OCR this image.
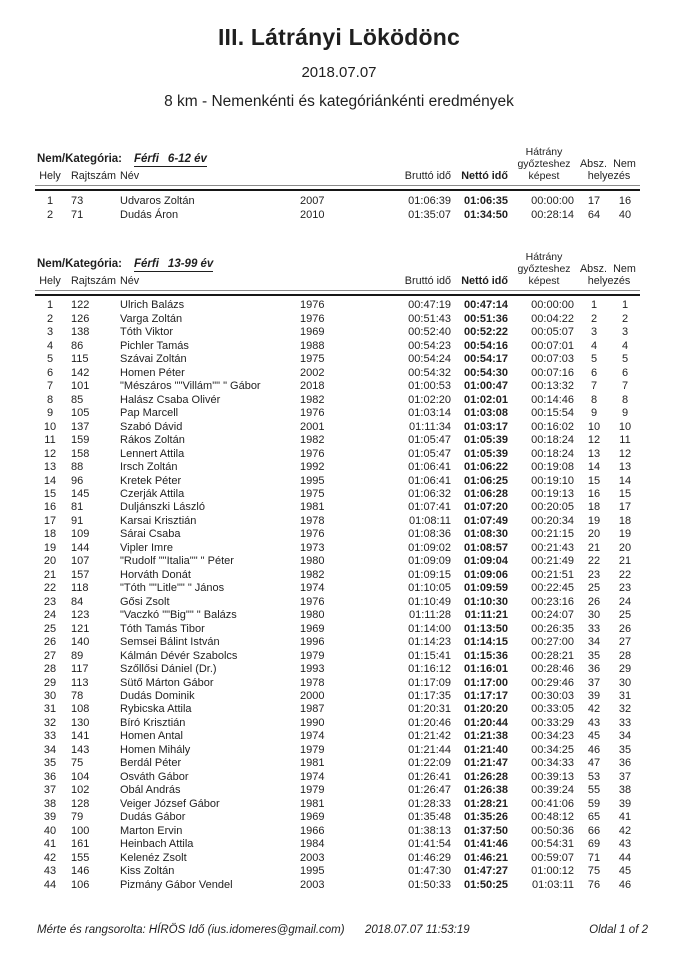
III. Látrányi Löködönc
2018.07.07
8 km - Nemenkénti és kategóriánkénti eredmények
Nem/Kategória: Férfi 6-12 év
Hely	Rajtszám	Név		Bruttó idő	Nettó idő	Hátrány
győzteshez
képest	
Absz. Nem
helyezés

1	73	Udvaros Zoltán	2007	01:06:39	01:06:35	00:00:00	17	16
2	71	Dudás Áron	2010	01:35:07	01:34:50	00:28:14	64	40
Nem/Kategória: Férfi 13-99 év
Hely	Rajtszám	Név		Bruttó idő	Nettó idő	Hátrány
győzteshez
képest	
Absz. Nem
helyezés

1	122	Ulrich Balázs	1976	00:47:19	00:47:14	00:00:00	1	1
2	126	Varga Zoltán	1976	00:51:43	00:51:36	00:04:22	2	2
3	138	Tóth Viktor	1969	00:52:40	00:52:22	00:05:07	3	3
4	86	Pichler Tamás	1988	00:54:23	00:54:16	00:07:01	4	4
5	115	Szávai Zoltán	1975	00:54:24	00:54:17	00:07:03	5	5
6	142	Homen Péter	2002	00:54:32	00:54:30	00:07:16	6	6
7	101	"Mészáros ""Villám"" " Gábor	2018	01:00:53	01:00:47	00:13:32	7	7
8	85	Halász Csaba Olivér	1982	01:02:20	01:02:01	00:14:46	8	8
9	105	Pap Marcell	1976	01:03:14	01:03:08	00:15:54	9	9
10	137	Szabó Dávid	2001	01:11:34	01:03:17	00:16:02	10	10
11	159	Rákos Zoltán	1982	01:05:47	01:05:39	00:18:24	12	11
12	158	Lennert Attila	1976	01:05:47	01:05:39	00:18:24	13	12
13	88	Irsch Zoltán	1992	01:06:41	01:06:22	00:19:08	14	13
14	96	Kretek Péter	1995	01:06:41	01:06:25	00:19:10	15	14
15	145	Czerják Attila	1975	01:06:32	01:06:28	00:19:13	16	15
16	81	Duljánszki László	1981	01:07:41	01:07:20	00:20:05	18	17
17	91	Karsai Krisztián	1978	01:08:11	01:07:49	00:20:34	19	18
18	109	Sárai Csaba	1976	01:08:36	01:08:30	00:21:15	20	19
19	144	Vipler Imre	1973	01:09:02	01:08:57	00:21:43	21	20
20	107	"Rudolf ""Italia"" " Péter	1980	01:09:09	01:09:04	00:21:49	22	21
21	157	Horváth Donát	1982	01:09:15	01:09:06	00:21:51	23	22
22	118	"Tóth ""Litle"" " János	1974	01:10:05	01:09:59	00:22:45	25	23
23	84	Gősi Zsolt	1976	01:10:49	01:10:30	00:23:16	26	24
24	123	"Vaczkó ""Big"" " Balázs	1980	01:11:28	01:11:21	00:24:07	30	25
25	121	Tóth Tamás Tibor	1969	01:14:00	01:13:50	00:26:35	33	26
26	140	Semsei Bálint István	1996	01:14:23	01:14:15	00:27:00	34	27
27	89	Kálmán Dévér Szabolcs	1979	01:15:41	01:15:36	00:28:21	35	28
28	117	Szőllősi Dániel (Dr.)	1993	01:16:12	01:16:01	00:28:46	36	29
29	113	Sütő Márton Gábor	1978	01:17:09	01:17:00	00:29:46	37	30
30	78	Dudás Dominik	2000	01:17:35	01:17:17	00:30:03	39	31
31	108	Rybicska Attila	1987	01:20:31	01:20:20	00:33:05	42	32
32	130	Bíró Krisztián	1990	01:20:46	01:20:44	00:33:29	43	33
33	141	Homen Antal	1974	01:21:42	01:21:38	00:34:23	45	34
34	143	Homen Mihály	1979	01:21:44	01:21:40	00:34:25	46	35
35	75	Berdál Péter	1981	01:22:09	01:21:47	00:34:33	47	36
36	104	Osváth Gábor	1974	01:26:41	01:26:28	00:39:13	53	37
37	102	Obál András	1979	01:26:47	01:26:38	00:39:24	55	38
38	128	Veiger József Gábor	1981	01:28:33	01:28:21	00:41:06	59	39
39	79	Dudás Gábor	1969	01:35:48	01:35:26	00:48:12	65	41
40	100	Marton Ervin	1966	01:38:13	01:37:50	00:50:36	66	42
41	161	Heinbach Attila	1984	01:41:54	01:41:46	00:54:31	69	43
42	155	Kelenéz Zsolt	2003	01:46:29	01:46:21	00:59:07	71	44
43	146	Kiss Zoltán	1995	01:47:30	01:47:27	01:00:12	75	45
44	106	Pizmány Gábor Vendel	2003	01:50:33	01:50:25	01:03:11	76	46
Mérte és rangsorolta: HÍRÖS Idő (ius.idomeres@gmail.com) 2018.07.07 11:53:19	Oldal 1 of 2
